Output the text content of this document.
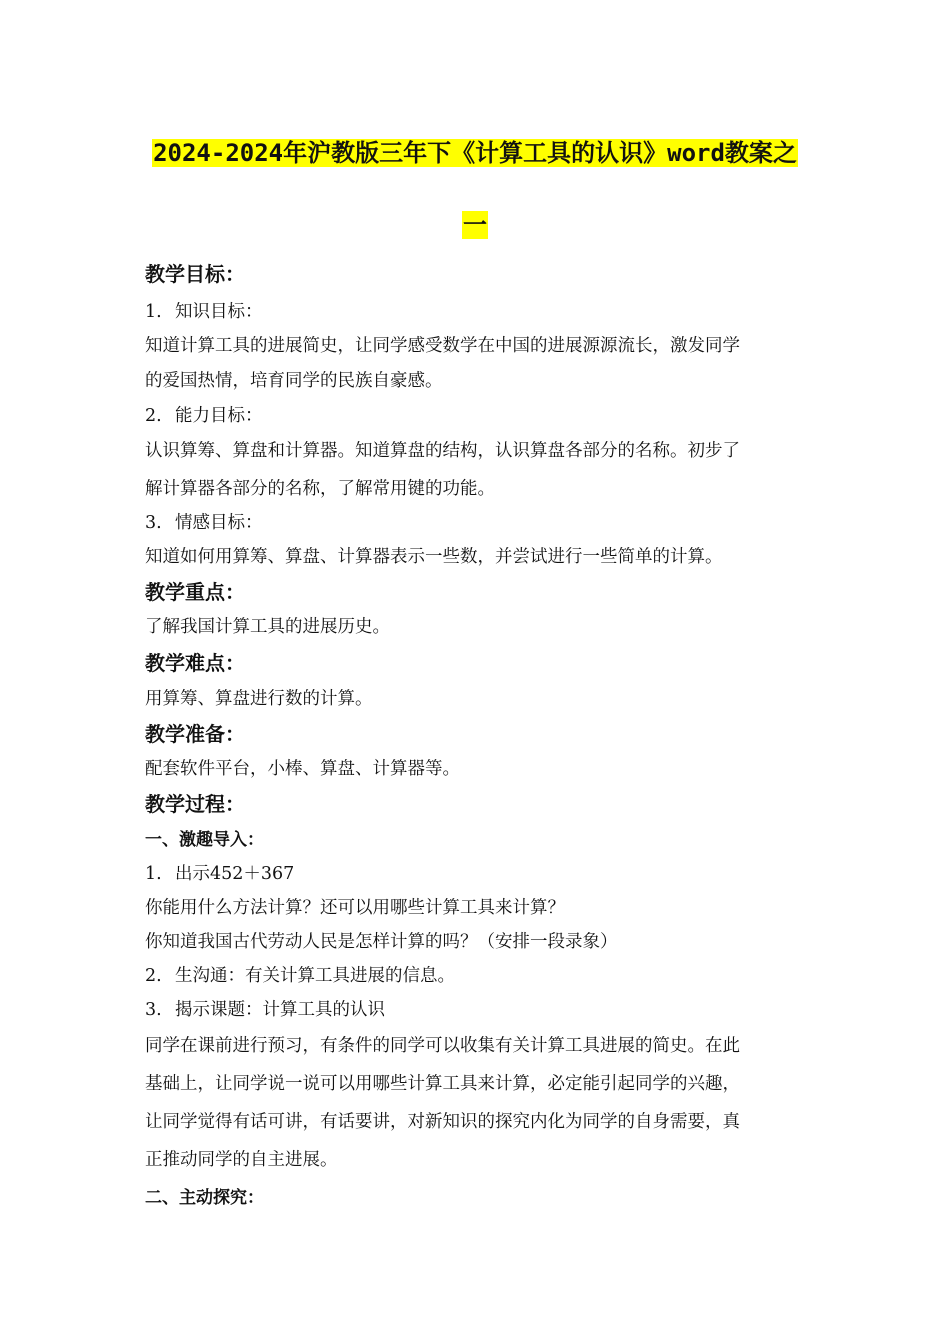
2024-2024年沪教版三年下《计算工具的认识》word教案之
一
教学目标：
1. 知识目标：
知道计算工具的进展简史，让同学感受数学在中国的进展源源流长，激发同学
的爱国热情，培育同学的民族自豪感。
2. 能力目标：
认识算筹、算盘和计算器。知道算盘的结构，认识算盘各部分的名称。初步了
解计算器各部分的名称，了解常用键的功能。
3. 情感目标：
知道如何用算筹、算盘、计算器表示一些数，并尝试进行一些简单的计算。
教学重点：
了解我国计算工具的进展历史。
教学难点：
用算筹、算盘进行数的计算。
教学准备：
配套软件平台，小棒、算盘、计算器等。
教学过程：
一、激趣导入：
1. 出示452＋367
你能用什么方法计算？还可以用哪些计算工具来计算？
你知道我国古代劳动人民是怎样计算的吗？（安排一段录象）
2. 生沟通：有关计算工具进展的信息。
3. 揭示课题：计算工具的认识
同学在课前进行预习，有条件的同学可以收集有关计算工具进展的简史。在此
基础上，让同学说一说可以用哪些计算工具来计算，必定能引起同学的兴趣，
让同学觉得有话可讲，有话要讲，对新知识的探究内化为同学的自身需要，真
正推动同学的自主进展。
二、主动探究：
